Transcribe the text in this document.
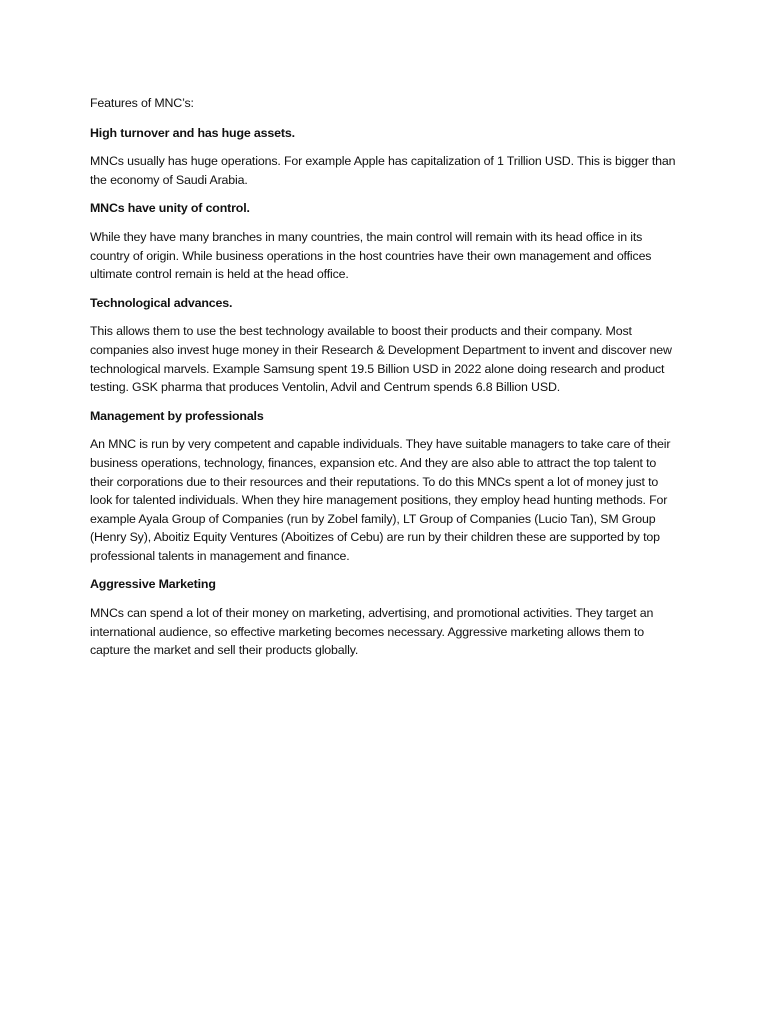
Features of MNC’s:

High turnover and has huge assets.

MNCs usually has huge operations. For example Apple has capitalization of 1 Trillion USD. This is bigger than the economy of Saudi Arabia.

MNCs have unity of control.

While they have many branches in many countries, the main control will remain with its head office in its country of origin. While business operations in the host countries have their own management and offices ultimate control remain is held at the head office.

Technological advances.

This allows them to use the best technology available to boost their products and their company. Most companies also invest huge money in their Research & Development Department to invent and discover new technological marvels. Example Samsung spent 19.5 Billion USD in 2022 alone doing research and product testing. GSK pharma that produces Ventolin, Advil and Centrum spends 6.8 Billion USD.

Management by professionals

An MNC is run by very competent and capable individuals. They have suitable managers to take care of their business operations, technology, finances, expansion etc. And they are also able to attract the top talent to their corporations due to their resources and their reputations. To do this MNCs spent a lot of money just to look for talented individuals. When they hire management positions, they employ head hunting methods. For example Ayala Group of Companies (run by Zobel family), LT Group of Companies (Lucio Tan), SM Group (Henry Sy), Aboitiz Equity Ventures (Aboitizes of Cebu) are run by their children these are supported by top professional talents in management and finance.

Aggressive Marketing

MNCs can spend a lot of their money on marketing, advertising, and promotional activities. They target an international audience, so effective marketing becomes necessary. Aggressive marketing allows them to capture the market and sell their products globally.
